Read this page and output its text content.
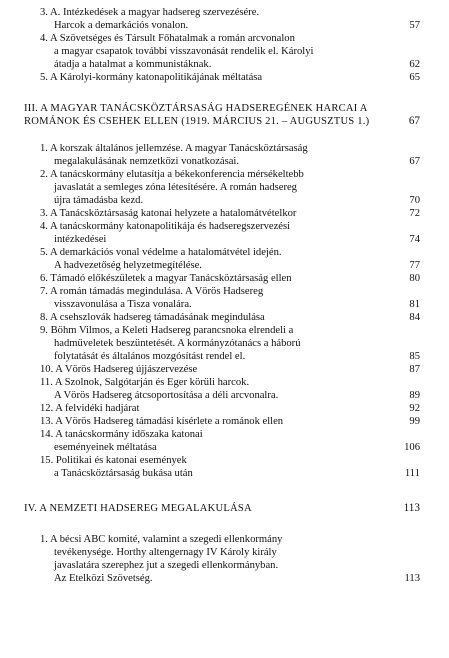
3. A. Intézkedések a magyar hadsereg szervezésére.
Harcok a demarkációs vonalon.	57
4. A Szövetséges és Társult Főhatalmak a román arcvonalon
a magyar csapatok további visszavonását rendelik el. Károlyi
átadja a hatalmat a kommunistáknak.	62
5. A Károlyi-kormány katonapolitikájának méltatása	65
III. A MAGYAR TANÁCSKÖZTÁRSASÁG HADSEREGÉNEK HARCAI A
ROMÁNOK ÉS CSEHEK ELLEN (1919. MÁRCIUS 21. – AUGUSZTUS 1.)	67
1. A korszak általános jellemzése. A magyar Tanácsköztársaság
megalakulásának nemzetközi vonatkozásai.	67
2. A tanácskormány elutasítja a békekonferencia mérsékeltebb
javaslatát a semleges zóna létesítésére. A román hadsereg
újra támadásba kezd.	70
3. A Tanácsköztársaság katonai helyzete a hatalomátvételkor	72
4. A tanácskormány katonapolitikája és hadseregszervezési
intézkedései	74
5. A demarkációs vonal védelme a hatalomátvétel idején.
A hadvezetőség helyzetmegítélése.	77
6. Támadó előkészületek a magyar Tanácsköztársaság ellen	80
7. A román támadás megindulása. A Vörös Hadsereg
visszavonulása a Tisza vonalára.	81
8. A csehszlovák hadsereg támadásának megindulása	84
9. Böhm Vilmos, a Keleti Hadsereg parancsnoka elrendeli a
hadműveletek beszüntetését. A kormányzótanács a háború
folytatását és általános mozgósítást rendel el.	85
10. A Vörös Hadsereg újjászervezése	87
11. A Szolnok, Salgótarján és Eger körüli harcok.
A Vörös Hadsereg átcsoportosítása a déli arcvonalra.	89
12. A felvidéki hadjárat	92
13. A Vörös Hadsereg támadási kísérlete a románok ellen	99
14. A tanácskormány időszaka katonai
eseményeinek méltatása	106
15. Politikai és katonai események
a Tanácsköztársaság bukása után	111
IV. A NEMZETI HADSEREG MEGALAKULÁSA	113
1. A bécsi ABC komité, valamint a szegedi ellenkormány
tevékenysége. Horthy altengernagy IV Károly király
javaslatára szerephez jut a szegedi ellenkormányban.
Az Etelközi Szövetség.	113
